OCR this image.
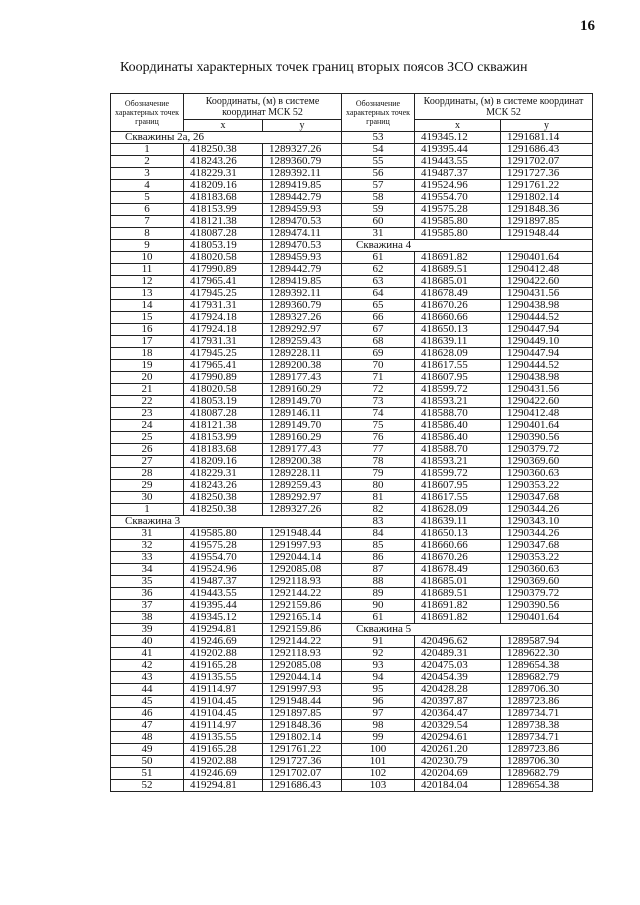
16
Координаты характерных точек границ вторых поясов ЗСО скважин
Обозначение характерных точек границ	Координаты, (м) в системе координат МСК 52		Обозначение характерных точек границ	Координаты, (м) в системе координат МСК 52	
	x	y		x	y
Скважины 2а, 26			53	419345.12	1291681.14
1	418250.38	1289327.26	54	419395.44	1291686.43
2	418243.26	1289360.79	55	419443.55	1291702.07
3	418229.31	1289392.11	56	419487.37	1291727.36
4	418209.16	1289419.85	57	419524.96	1291761.22
5	418183.68	1289442.79	58	419554.70	1291802.14
6	418153.99	1289459.93	59	419575.28	1291848.36
7	418121.38	1289470.53	60	419585.80	1291897.85
8	418087.28	1289474.11	31	419585.80	1291948.44
9	418053.19	1289470.53	Скважина 4		
10	418020.58	1289459.93	61	418691.82	1290401.64
11	417990.89	1289442.79	62	418689.51	1290412.48
12	417965.41	1289419.85	63	418685.01	1290422.60
13	417945.25	1289392.11	64	418678.49	1290431.56
14	417931.31	1289360.79	65	418670.26	1290438.98
15	417924.18	1289327.26	66	418660.66	1290444.52
16	417924.18	1289292.97	67	418650.13	1290447.94
17	417931.31	1289259.43	68	418639.11	1290449.10
18	417945.25	1289228.11	69	418628.09	1290447.94
19	417965.41	1289200.38	70	418617.55	1290444.52
20	417990.89	1289177.43	71	418607.95	1290438.98
21	418020.58	1289160.29	72	418599.72	1290431.56
22	418053.19	1289149.70	73	418593.21	1290422.60
23	418087.28	1289146.11	74	418588.70	1290412.48
24	418121.38	1289149.70	75	418586.40	1290401.64
25	418153.99	1289160.29	76	418586.40	1290390.56
26	418183.68	1289177.43	77	418588.70	1290379.72
27	418209.16	1289200.38	78	418593.21	1290369.60
28	418229.31	1289228.11	79	418599.72	1290360.63
29	418243.26	1289259.43	80	418607.95	1290353.22
30	418250.38	1289292.97	81	418617.55	1290347.68
1	418250.38	1289327.26	82	418628.09	1290344.26
Скважина 3			83	418639.11	1290343.10
31	419585.80	1291948.44	84	418650.13	1290344.26
32	419575.28	1291997.93	85	418660.66	1290347.68
33	419554.70	1292044.14	86	418670.26	1290353.22
34	419524.96	1292085.08	87	418678.49	1290360.63
35	419487.37	1292118.93	88	418685.01	1290369.60
36	419443.55	1292144.22	89	418689.51	1290379.72
37	419395.44	1292159.86	90	418691.82	1290390.56
38	419345.12	1292165.14	61	418691.82	1290401.64
39	419294.81	1292159.86	Скважина 5		
40	419246.69	1292144.22	91	420496.62	1289587.94
41	419202.88	1292118.93	92	420489.31	1289622.30
42	419165.28	1292085.08	93	420475.03	1289654.38
43	419135.55	1292044.14	94	420454.39	1289682.79
44	419114.97	1291997.93	95	420428.28	1289706.30
45	419104.45	1291948.44	96	420397.87	1289723.86
46	419104.45	1291897.85	97	420364.47	1289734.71
47	419114.97	1291848.36	98	420329.54	1289738.38
48	419135.55	1291802.14	99	420294.61	1289734.71
49	419165.28	1291761.22	100	420261.20	1289723.86
50	419202.88	1291727.36	101	420230.79	1289706.30
51	419246.69	1291702.07	102	420204.69	1289682.79
52	419294.81	1291686.43	103	420184.04	1289654.38
